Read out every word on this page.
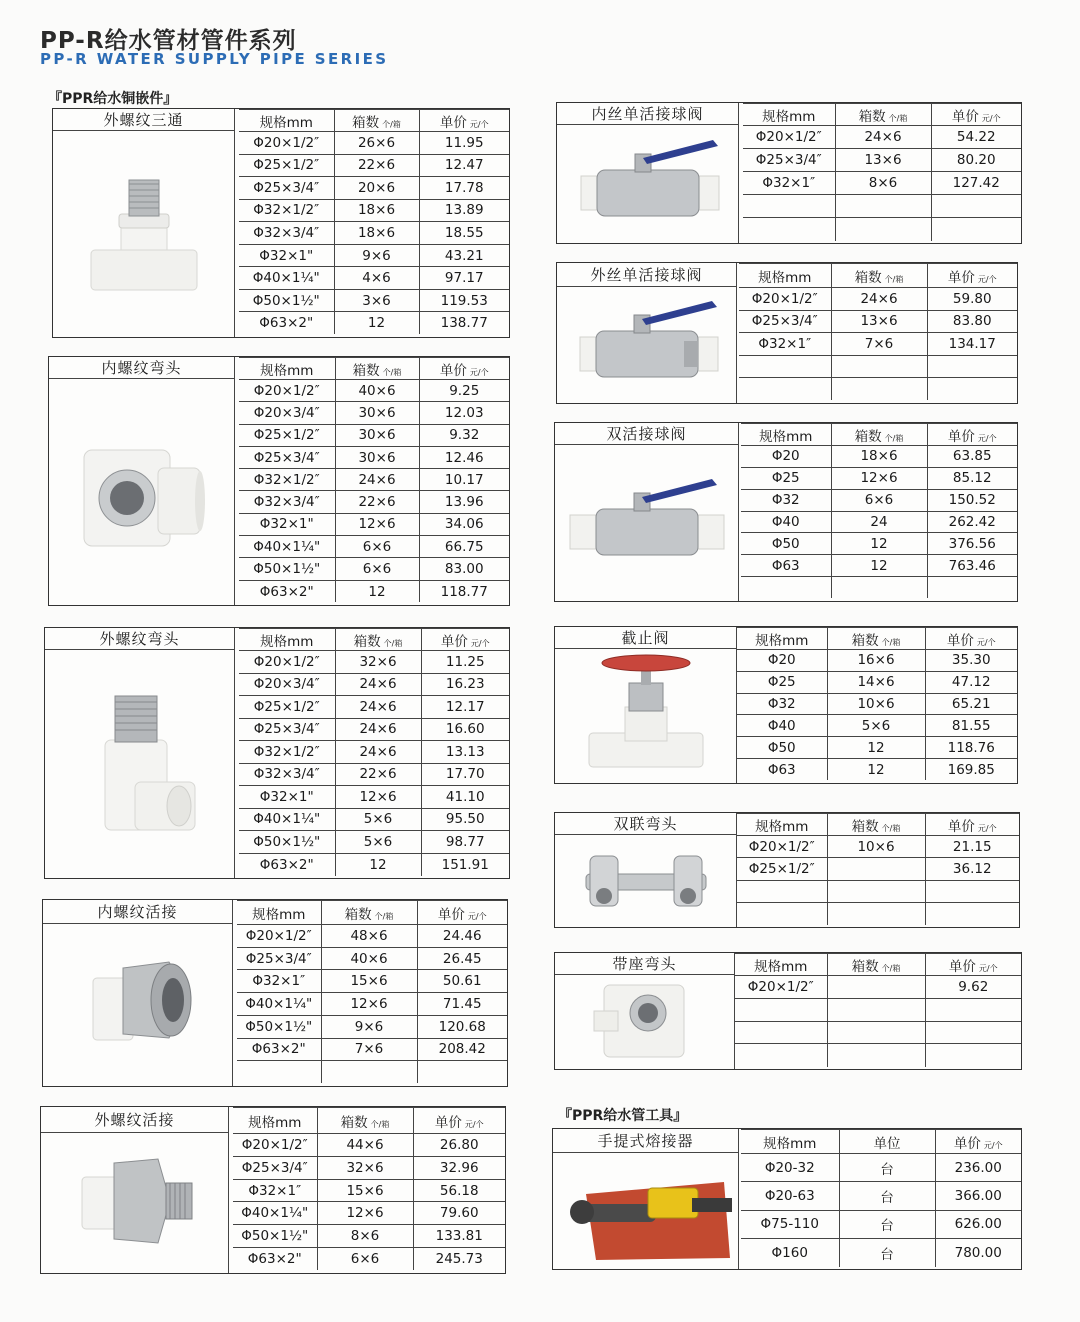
PP-R给水管材管件系列
PP-R WATER SUPPLY PIPE SERIES
『PPR给水铜嵌件』
『PPR给水管工具』
外螺纹三通	规格mm	箱数 个/箱	单价 元/个
Φ20×1/2″	26×6	11.95
Φ25×1/2″	22×6	12.47
Φ25×3/4″	20×6	17.78
Φ32×1/2″	18×6	13.89
Φ32×3/4″	18×6	18.55
Φ32×1"	9×6	43.21
Φ40×1¼"	4×6	97.17
Φ50×1½"	3×6	119.53
Φ63×2"	12	138.77
内螺纹弯头	规格mm	箱数 个/箱	单价 元/个
Φ20×1/2″	40×6	9.25
Φ20×3/4″	30×6	12.03
Φ25×1/2″	30×6	9.32
Φ25×3/4″	30×6	12.46
Φ32×1/2″	24×6	10.17
Φ32×3/4″	22×6	13.96
Φ32×1"	12×6	34.06
Φ40×1¼"	6×6	66.75
Φ50×1½"	6×6	83.00
Φ63×2"	12	118.77
外螺纹弯头	规格mm	箱数 个/箱	单价 元/个
Φ20×1/2″	32×6	11.25
Φ20×3/4″	24×6	16.23
Φ25×1/2″	24×6	12.17
Φ25×3/4″	24×6	16.60
Φ32×1/2″	24×6	13.13
Φ32×3/4″	22×6	17.70
Φ32×1"	12×6	41.10
Φ40×1¼"	5×6	95.50
Φ50×1½"	5×6	98.77
Φ63×2"	12	151.91
内螺纹活接	规格mm	箱数 个/箱	单价 元/个
Φ20×1/2″	48×6	24.46
Φ25×3/4″	40×6	26.45
Φ32×1″	15×6	50.61
Φ40×1¼"	12×6	71.45
Φ50×1½"	9×6	120.68
Φ63×2"	7×6	208.42

外螺纹活接	规格mm	箱数 个/箱	单价 元/个
Φ20×1/2″	44×6	26.80
Φ25×3/4″	32×6	32.96
Φ32×1″	15×6	56.18
Φ40×1¼"	12×6	79.60
Φ50×1½"	8×6	133.81
Φ63×2"	6×6	245.73
内丝单活接球阀	规格mm	箱数 个/箱	单价 元/个
Φ20×1/2″	24×6	54.22
Φ25×3/4″	13×6	80.20
Φ32×1″	8×6	127.42

外丝单活接球阀	规格mm	箱数 个/箱	单价 元/个
Φ20×1/2″	24×6	59.80
Φ25×3/4″	13×6	83.80
Φ32×1″	7×6	134.17

双活接球阀	规格mm	箱数 个/箱	单价 元/个
Φ20	18×6	63.85
Φ25	12×6	85.12
Φ32	6×6	150.52
Φ40	24	262.42
Φ50	12	376.56
Φ63	12	763.46

截止阀	规格mm	箱数 个/箱	单价 元/个
Φ20	16×6	35.30
Φ25	14×6	47.12
Φ32	10×6	65.21
Φ40	5×6	81.55
Φ50	12	118.76
Φ63	12	169.85
双联弯头	规格mm	箱数 个/箱	单价 元/个
Φ20×1/2″	10×6	21.15
Φ25×1/2″		36.12

带座弯头	规格mm	箱数 个/箱	单价 元/个
Φ20×1/2″		9.62

手提式熔接器	规格mm	单位	单价 元/个
Φ20-32	台	236.00
Φ20-63	台	366.00
Φ75-110	台	626.00
Φ160	台	780.00
